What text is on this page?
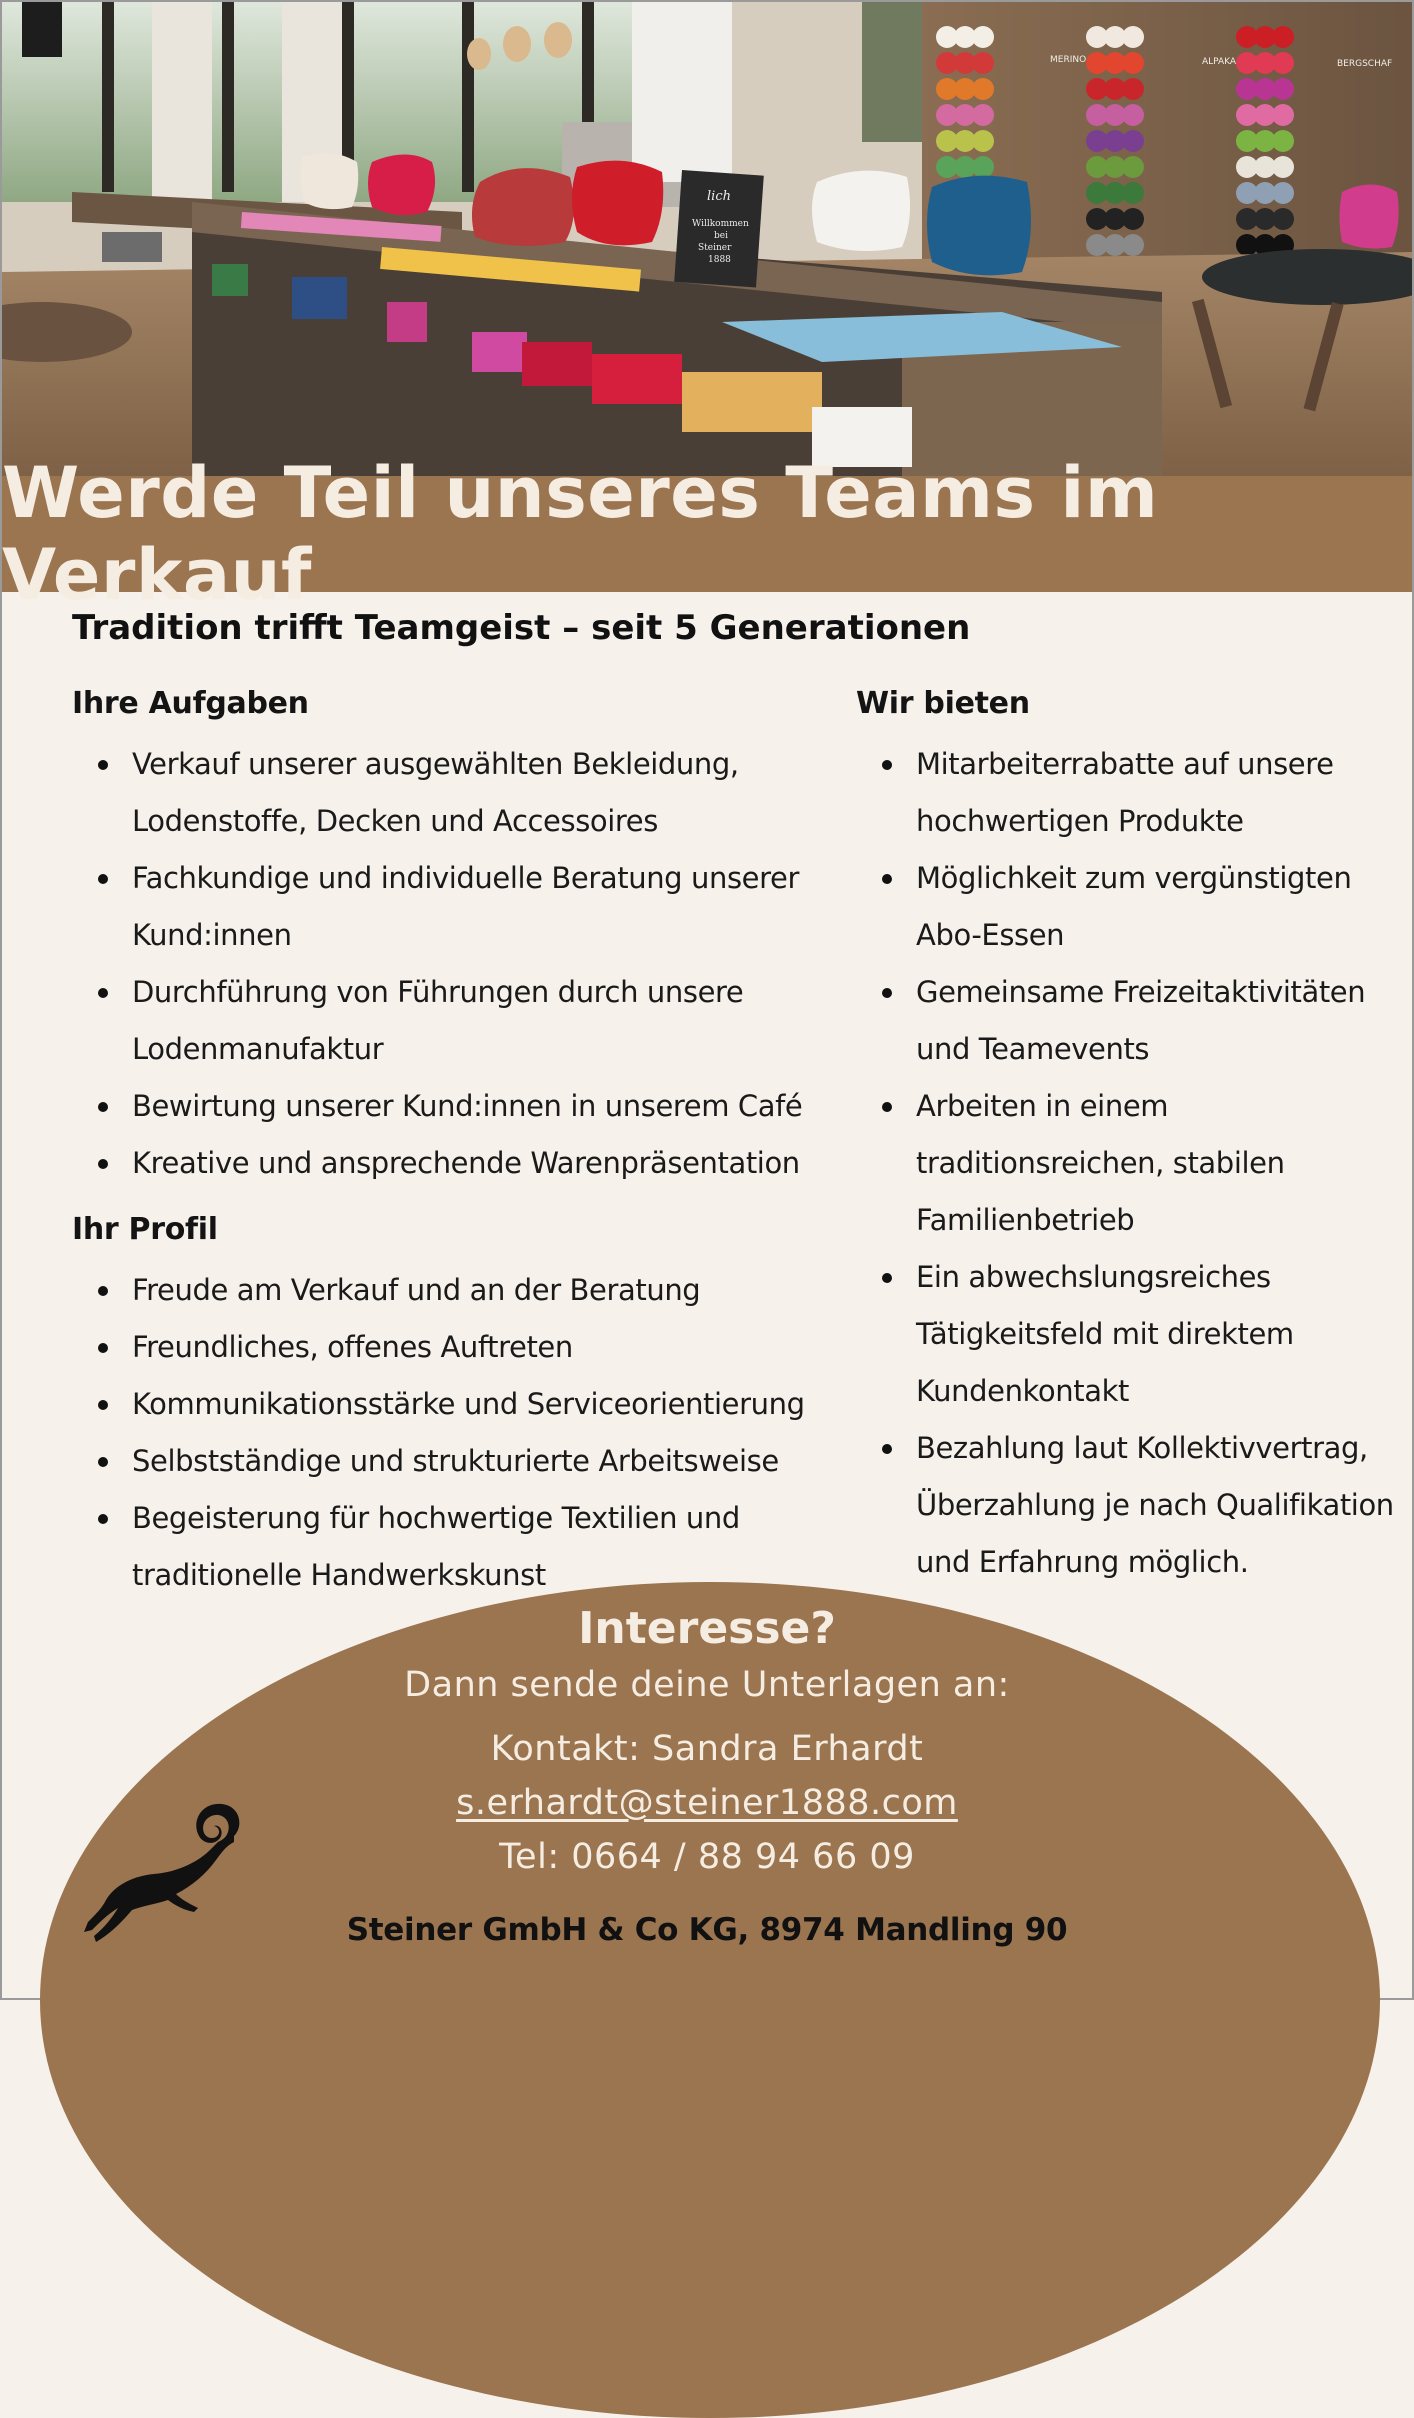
lich
Willkommen
bei
Steiner
1888
MERINO	ALPAKA	BERGSCHAF
Werde Teil unseres Teams im Verkauf
Tradition trifft Teamgeist – seit 5 Generationen
Ihre Aufgaben
Verkauf unserer ausgewählten Bekleidung, Lodenstoffe, Decken und Accessoires
Fachkundige und individuelle Beratung unserer Kund:innen
Durchführung von Führungen durch unsere Lodenmanufaktur
Bewirtung unserer Kund:innen in unserem Café
Kreative und ansprechende Warenpräsentation
Ihr Profil
Freude am Verkauf und an der Beratung
Freundliches, offenes Auftreten
Kommunikationsstärke und Serviceorientierung
Selbstständige und strukturierte Arbeitsweise
Begeisterung für hochwertige Textilien und traditionelle Handwerkskunst
Wir bieten
Mitarbeiterrabatte auf unsere hochwertigen Produkte
Möglichkeit zum vergünstigten Abo-Essen
Gemeinsame Freizeitaktivitäten und Teamevents
Arbeiten in einem traditionsreichen, stabilen Familienbetrieb
Ein abwechslungsreiches Tätigkeitsfeld mit direktem Kundenkontakt
Bezahlung laut Kollektivvertrag, Überzahlung je nach Qualifikation und Erfahrung möglich.
Interesse?
Dann sende deine Unterlagen an:
Kontakt: Sandra Erhardt
s.erhardt@steiner1888.com
Tel: 0664 / 88 94 66 09
Steiner GmbH & Co KG, 8974 Mandling 90
